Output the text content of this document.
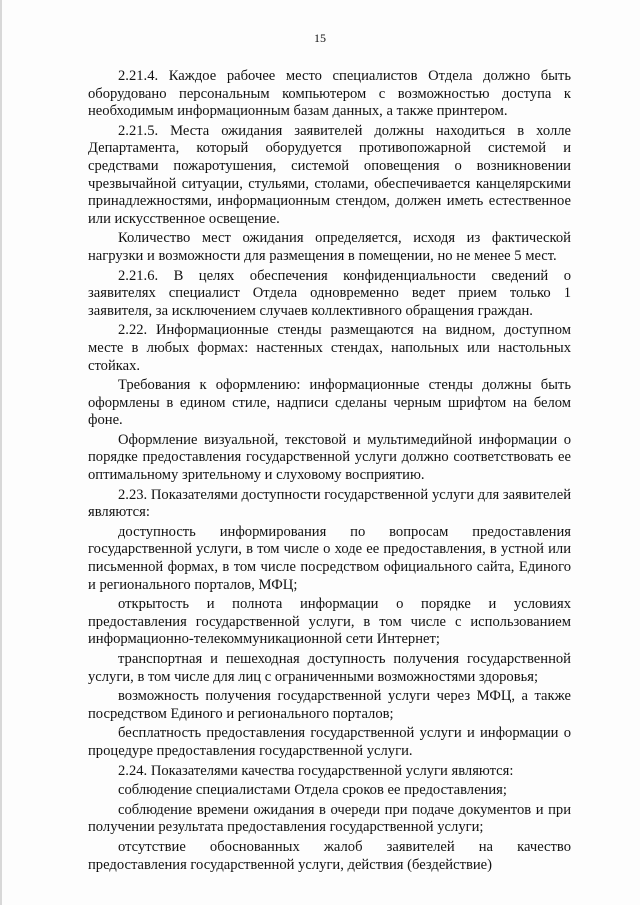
15

2.21.4. Каждое рабочее место специалистов Отдела должно быть оборудовано персональным компьютером с возможностью доступа к необходимым информационным базам данных, а также принтером.

2.21.5. Места ожидания заявителей должны находиться в холле Департамента, который оборудуется противопожарной системой и средствами пожаротушения, системой оповещения о возникновении чрезвычайной ситуации, стульями, столами, обеспечивается канцелярскими принадлежностями, информационным стендом, должен иметь естественное или искусственное освещение.

Количество мест ожидания определяется, исходя из фактической нагрузки и возможности для размещения в помещении, но не менее 5 мест.

2.21.6. В целях обеспечения конфиденциальности сведений о заявителях специалист Отдела одновременно ведет прием только 1 заявителя, за исключением случаев коллективного обращения граждан.

2.22. Информационные стенды размещаются на видном, доступном месте в любых формах: настенных стендах, напольных или настольных стойках.

Требования к оформлению: информационные стенды должны быть оформлены в едином стиле, надписи сделаны черным шрифтом на белом фоне.

Оформление визуальной, текстовой и мультимедийной информации о порядке предоставления государственной услуги должно соответствовать ее оптимальному зрительному и слуховому восприятию.

2.23. Показателями доступности государственной услуги для заявителей являются:

доступность информирования по вопросам предоставления государственной услуги, в том числе о ходе ее предоставления, в устной или письменной формах, в том числе посредством официального сайта, Единого и регионального порталов, МФЦ;

открытость и полнота информации о порядке и условиях предоставления государственной услуги, в том числе с использованием информационно-телекоммуникационной сети Интернет;

транспортная и пешеходная доступность получения государственной услуги, в том числе для лиц с ограниченными возможностями здоровья;

возможность получения государственной услуги через МФЦ, а также посредством Единого и регионального порталов;

бесплатность предоставления государственной услуги и информации о процедуре предоставления государственной услуги.

2.24. Показателями качества государственной услуги являются:

соблюдение специалистами Отдела сроков ее предоставления;

соблюдение времени ожидания в очереди при подаче документов и при получении результата предоставления государственной услуги;

отсутствие обоснованных жалоб заявителей на качество предоставления государственной услуги, действия (бездействие)
